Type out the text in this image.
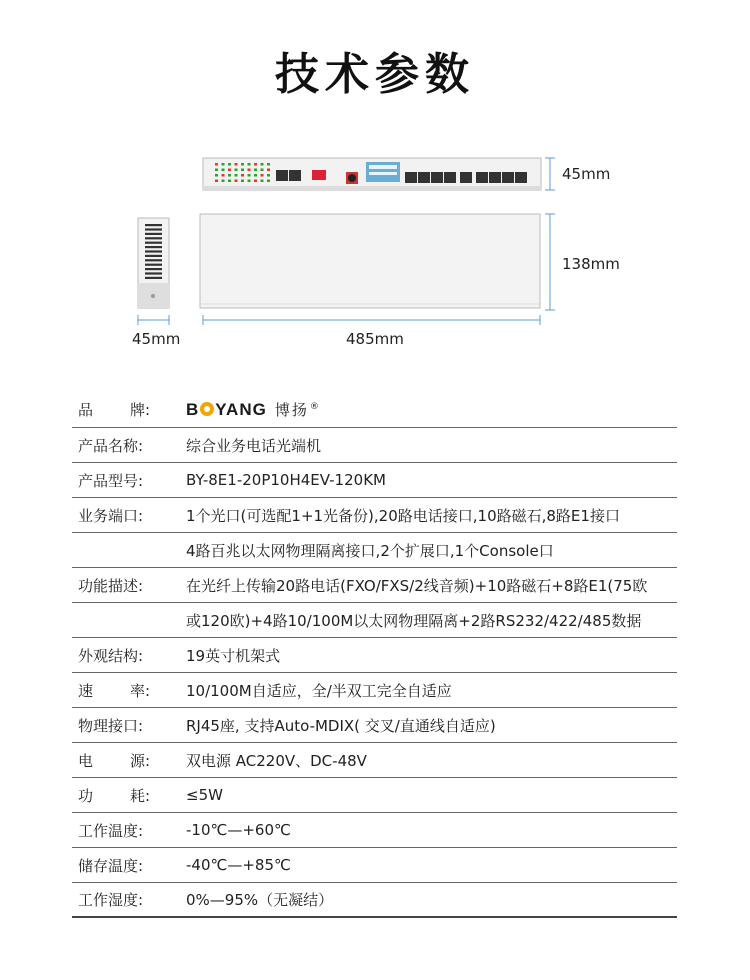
技术参数
45mm
138mm
45mm	485mm
品 牌: B YANG 博扬®
产品名称:	综合业务电话光端机
产品型号:	BY-8E1-20P10H4EV-120KM
业务端口:	1个光口(可选配1+1光备份),20路电话接口,10路磁石,8路E1接口
4路百兆以太网物理隔离接口,2个扩展口,1个Console口
功能描述:	在光纤上传输20路电话(FXO/FXS/2线音频)+10路磁石+8路E1(75欧
或120欧)+4路10/100M以太网物理隔离+2路RS232/422/485数据
外观结构:	19英寸机架式
速 率: 10/100M自适应，全/半双工完全自适应
物理接口:	RJ45座, 支持Auto-MDIX( 交叉/直通线自适应)
电 源: 双电源 AC220V、DC-48V
功 耗: ≤5W
工作温度:	-10℃—+60℃
储存温度:	-40℃—+85℃
工作湿度:	0%—95%（无凝结）
